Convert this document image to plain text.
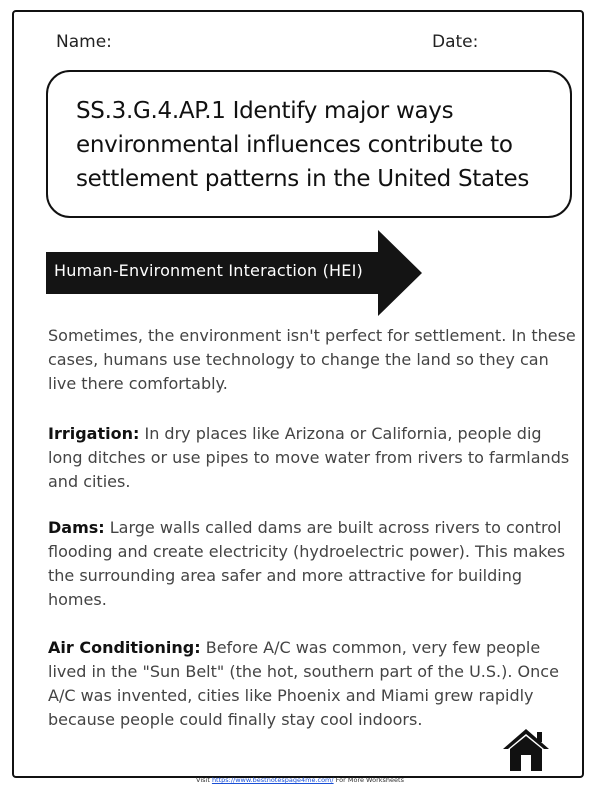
Name:	Date:
SS.3.G.4.AP.1 Identify major ways environmental influences contribute to settlement patterns in the United States
Human-Environment Interaction (HEI)

Sometimes, the environment isn't perfect for settlement. In these cases, humans use technology to change the land so they can live there comfortably.

Irrigation: In dry places like Arizona or California, people dig long ditches or use pipes to move water from rivers to farmlands and cities.

Dams: Large walls called dams are built across rivers to control flooding and create electricity (hydroelectric power). This makes the surrounding area safer and more attractive for building homes.

Air Conditioning: Before A/C was common, very few people lived in the "Sun Belt" (the hot, southern part of the U.S.). Once A/C was invented, cities like Phoenix and Miami grew rapidly because people could finally stay cool indoors.

Visit https://www.bestnotespage4me.com/ For More Worksheets
